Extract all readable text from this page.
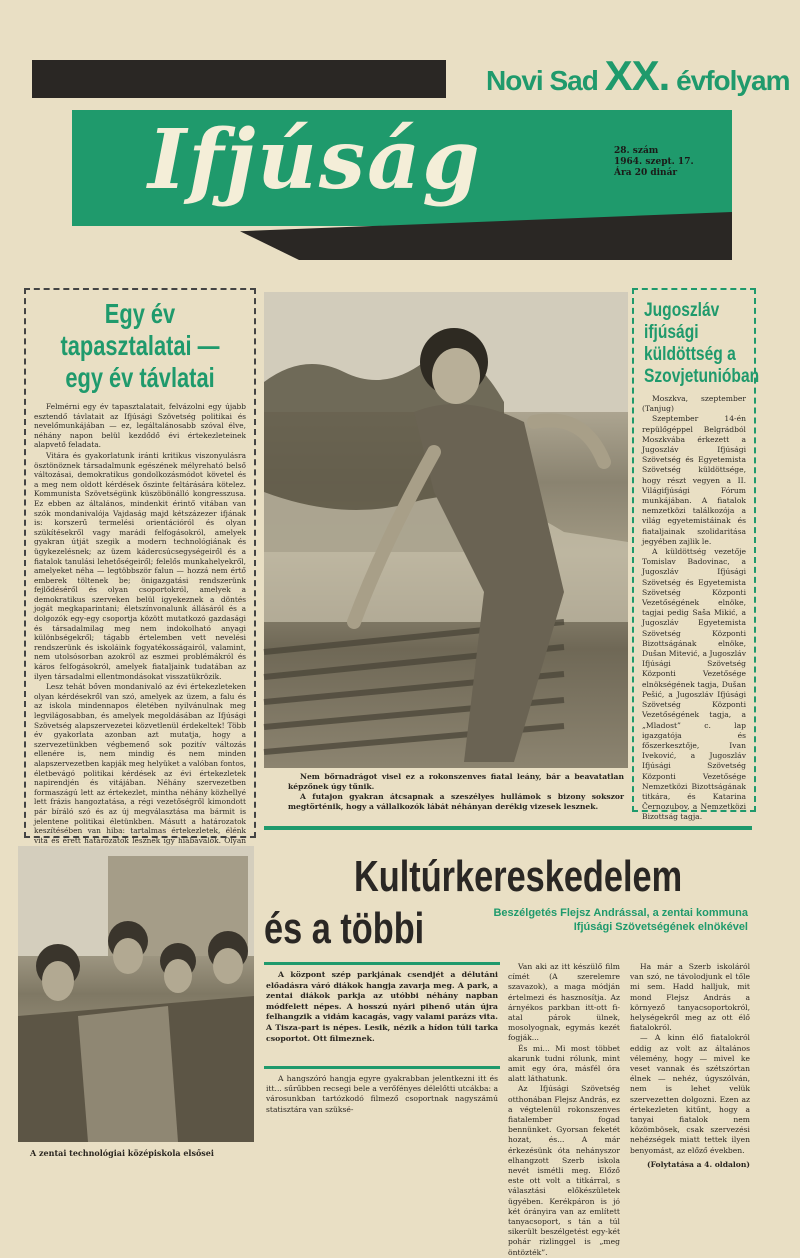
Novi Sad XX. évfolyam
Ifjúság	28. szám
1964. szept. 17.
Ára 20 dinár
Egy év tapasztalatai — egy év távlatai

Felmérni egy év tapasztalatait, felvázolni egy újabb esztendő távlatait az Ifjúsági Szövetség politikai és nevelőmunkájában — ez, legáltalánosabb szóval élve, néhány napon belül kezdődő évi értekezleteinek alapvető feladata.

Vitára és gyakorlatunk iránti kritikus viszonyulásra ösztönöznek társadalmunk egészének mélyreható belső változásai, demokratikus gondolkozásmódot követel és a meg nem oldott kérdések őszinte feltárására kötelez. Kommunista Szövetségünk küszöbönálló kongresszusa. Ez ebben az általános, mindenkit érintő vitában van szók mondanivalója Vajdaság majd kétszázezer ifjának is: korszerű termelési orientációról és olyan szükítésekről vagy marádi felfogásokról, amelyek gyakran útját szegik a modern technológiának és ügykezelésnek; az üzem kádercsúcsegységeiről és a fiatalok tanulási lehetőségeiről; felelős munkahelyekről, amelyeket néha — legtöbbször falun — hozzá nem értő emberek töltenek be; önigazgatási rendszerünk fejlődéséről és olyan csoportokról, amelyek a demokratikus szerveken belül igyekeznek a döntés jogát megkaparintani; életszínvonalunk állásáról és a dolgozók egy-egy csoportja között mutatkozó gazdasági és társadalmilag meg nem indokolható anyagi különbségekről; tágabb értelemben vett nevelési rendszerünk és iskoláink fogyatékosságairól, valamint, nem utolsósorban azokról az eszmei problémákról és káros felfogásokról, amelyek fiataljaink tudatában az ilyen társadalmi ellentmondásokat visszatükrözik.

Lesz tehát bőven mondanivaló az évi értekezleteken olyan kérdésekről van szó, amelyek az üzem, a falu és az iskola mindennapos életében nyilvánulnak meg legvilágosabban, és amelyek megoldásában az Ifjúsági Szövetség alapszervezetei közvetlenül érdekeltek! Több év gyakorlata azonban azt mutatja, hogy a szervezetünkben végbemenő sok pozitív változás ellenére is, nem mindig és nem minden alapszervezetben kapják meg helyüket a valóban fontos, életbevágó politikai kérdések az évi értekezletek napirendjén és vitájában. Néhány szervezetben formaszágú lett az értekezlet, mintha néhány közhellyé lett frázis hangoztatása, a régi vezetőségről kimondott pár bíráló szó és az új megválasztása ma bármit is jelentene politikai életünkben. Másutt a határozatok keszítésében van hiba: tartalmas értekezletek, élénk vita és érett határozatok lesznek így hiábavalók. Olyan

Nem bőrnadrágot visel ez a rokonszenves fiatal leány, bár a beavatatlan képzőnek úgy tűnik.

A futajon gyakran átcsapnak a szeszélyes hullámok s bizony sokszor megtörténik, hogy a vállalkozók lábát néhányan derékig vizesek lesznek.

Jugoszláv ifjúsági küldöttség a Szovjetunióban

Moszkva, szeptember (Tanjug)

Szeptember 14-én repülőgéppel Belgrádból Moszkvába érkezett a Jugoszláv Ifjúsági Szövetség és Egyetemista Szövetség küldöttsége, hogy részt vegyen a II. Világifjúsági Fórum munkájában. A fiatalok nemzetközi találkozója a világ egyetemistáinak és fiataljainak szolidaritása jegyében zajlik le.

A küldöttség vezetője Tomislav Badovinac, a Jugoszláv Ifjúsági Szövetség és Egyetemista Szövetség Központi Vezetőségének elnöke, tagjai pedig Saša Mikić, a Jugoszláv Egyetemista Szövetség Központi Bizottságának elnöke, Dušan Mitević, a Jugoszláv Ifjúsági Szövetség Központi Vezetősége elnökségének tagja, Dušan Pešić, a Jugoszláv Ifjúsági Szövetség Központi Vezetőségének tagja, a „Mladost” c. lap igazgatója és főszerkesztője, Ivan Iveković, a Jugoszláv Ifjúsági Szövetség Központi Vezetősége Nemzetközi Bizottságának titkára, és Katarina Černozubov, a Nemzetközi Bizottság tagja.

A zentai technológiai középiskola elsősei
Kultúrkereskedelem
és a többi	Beszélgetés Flejsz Andrással, a zentai kommuna Ifjúsági Szövetségének elnökével

A központ szép parkjának csendjét a délutáni előadásra váró diákok hangja zavarja meg. A park, a zentai diákok parkja az utóbbi néhány napban módfelett népes. A hosszú nyári pihenő után újra felhangzik a vidám kacagás, vagy valami parázs vita. A Tisza-part is népes. Lesik, nézik a hídon túli tarka csoportot. Ott filmeznek.

A hangszóró hangja egyre gyakrabban jelentkezni itt és itt... sűrűbben recsegi bele a verőfényes délelőtti utcákba: a városunkban tartózkodó filmező csoportnak nagyszámú statisztára van szüksé-

Van aki az itt készülő film címét (A szerelemre szavazok), a maga módján értelmezi és hasznosítja. Az árnyékos parkban itt-ott fi- atal párok ülnek, mosolyognak, egymás kezét fogják...

És mi... Mi most többet akarunk tudni rólunk, mint amit egy óra, másfél óra alatt láthatunk.

Az Ifjúsági Szövetség otthonában Flejsz András, ez a végtelenül rokonszenves fiatalember fogad bennünket. Gyorsan feketét hozat, és... A már érkezésünk óta nehányszor elhangzott Szerb iskola nevét ismétli meg. Előző este ott volt a titkárral, s választási előkészületek ügyében. Kerékpáron is jó két órányira van az említett tanyacsoport, s tán a túl sikerült beszélgetést egy-két pohár rizlinggel is „meg öntözték”.

Ha már a Szerb iskoláról van szó, ne távolodjunk el tőle mi sem. Hadd halljuk, mit mond Flejsz András a környező tanyacsoportokról, helységekről meg az ott élő fiatalokról.

— A kinn élő fiatalokról eddig az volt az általános vélemény, hogy — mivel ke veset vannak és szétszórtan élnek — nehéz, úgyszólván, nem is lehet velük szervezetten dolgozni. Ezen az értekezleten kitűnt, hogy a tanyai fiatalok nem közömbösek, csak szervezési nehézségek miatt tettek ilyen benyomást, az előző években.

(Folytatása a 4. oldalon)
